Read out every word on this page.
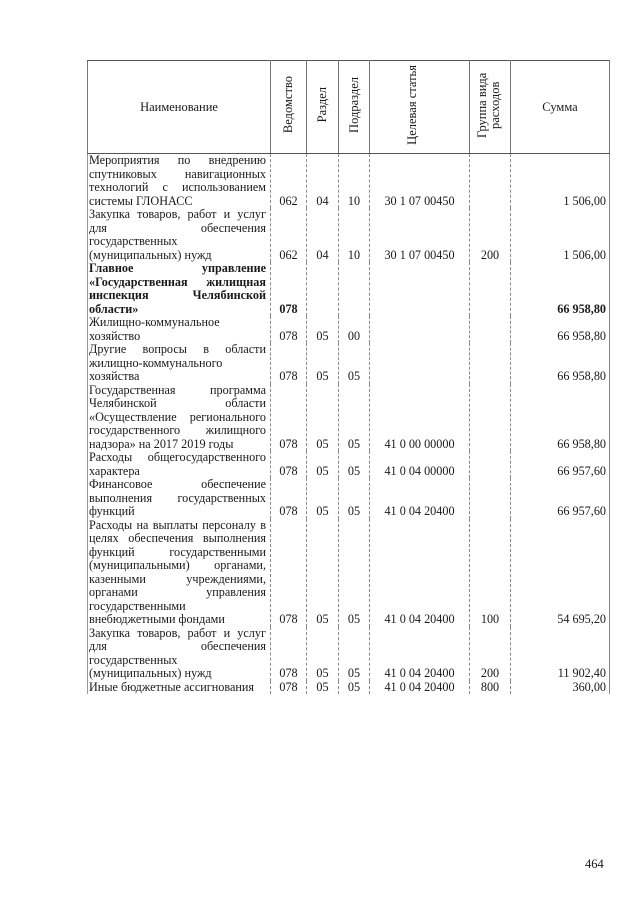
Наименование	Ведомство	Раздел	Подраздел	Целевая статья	Группа вида расходов	Сумма
Мероприятия по внедрению спутниковых навигационных технологий с использованием системы ГЛОНАСС	062	04	10	30 1 07 00450		1 506,00
Закупка товаров, работ и услуг для обеспечения государственных (муниципальных) нужд	062	04	10	30 1 07 00450	200	1 506,00
Главное управление «Государственная жилищная инспекция Челябинской области»	078					66 958,80
Жилищно-коммунальное хозяйство	078	05	00			66 958,80
Другие вопросы в области жилищно-коммунального хозяйства	078	05	05			66 958,80
Государственная программа Челябинской области «Осуществление регионального государственного жилищного надзора» на 2017 2019 годы	078	05	05	41 0 00 00000		66 958,80
Расходы общегосударственного характера	078	05	05	41 0 04 00000		66 957,60
Финансовое обеспечение выполнения государственных функций	078	05	05	41 0 04 20400		66 957,60
Расходы на выплаты персоналу в целях обеспечения выполнения функций государственными (муниципальными) органами, казенными учреждениями, органами управления государственными внебюджетными фондами	078	05	05	41 0 04 20400	100	54 695,20
Закупка товаров, работ и услуг для обеспечения государственных (муниципальных) нужд	078	05	05	41 0 04 20400	200	11 902,40
Иные бюджетные ассигнования	078	05	05	41 0 04 20400	800	360,00
464
